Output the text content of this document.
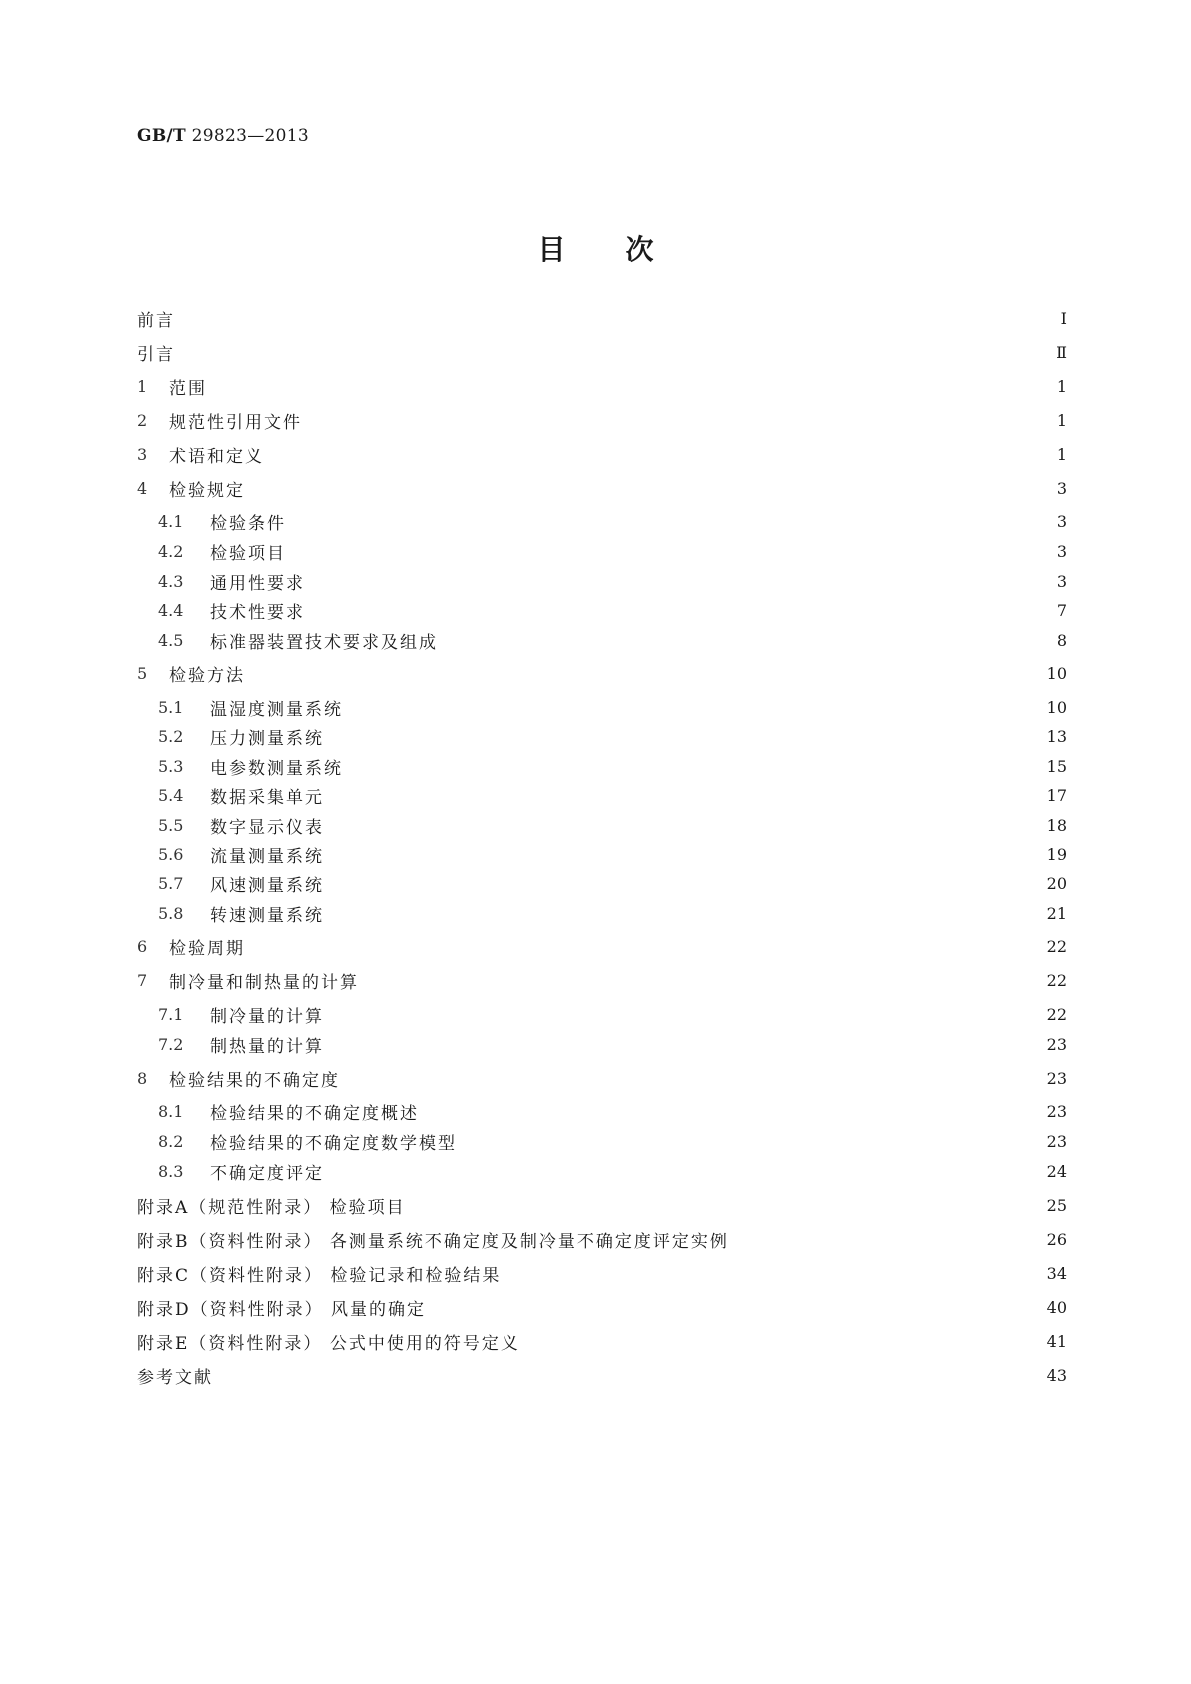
GB/T 29823—2013
目次
前言	Ⅰ
引言	Ⅱ
1	范围	1
2	规范性引用文件	1
3	术语和定义	1
4	检验规定	3
4.1	检验条件	3
4.2	检验项目	3
4.3	通用性要求	3
4.4	技术性要求	7
4.5	标准器装置技术要求及组成	8
5	检验方法	10
5.1	温湿度测量系统	10
5.2	压力测量系统	13
5.3	电参数测量系统	15
5.4	数据采集单元	17
5.5	数字显示仪表	18
5.6	流量测量系统	19
5.7	风速测量系统	20
5.8	转速测量系统	21
6	检验周期	22
7	制冷量和制热量的计算	22
7.1	制冷量的计算	22
7.2	制热量的计算	23
8	检验结果的不确定度	23
8.1	检验结果的不确定度概述	23
8.2	检验结果的不确定度数学模型	23
8.3	不确定度评定	24
附录A（规范性附录） 检验项目	25
附录B（资料性附录） 各测量系统不确定度及制冷量不确定度评定实例	26
附录C（资料性附录） 检验记录和检验结果	34
附录D（资料性附录） 风量的确定	40
附录E（资料性附录） 公式中使用的符号定义	41
参考文献	43
